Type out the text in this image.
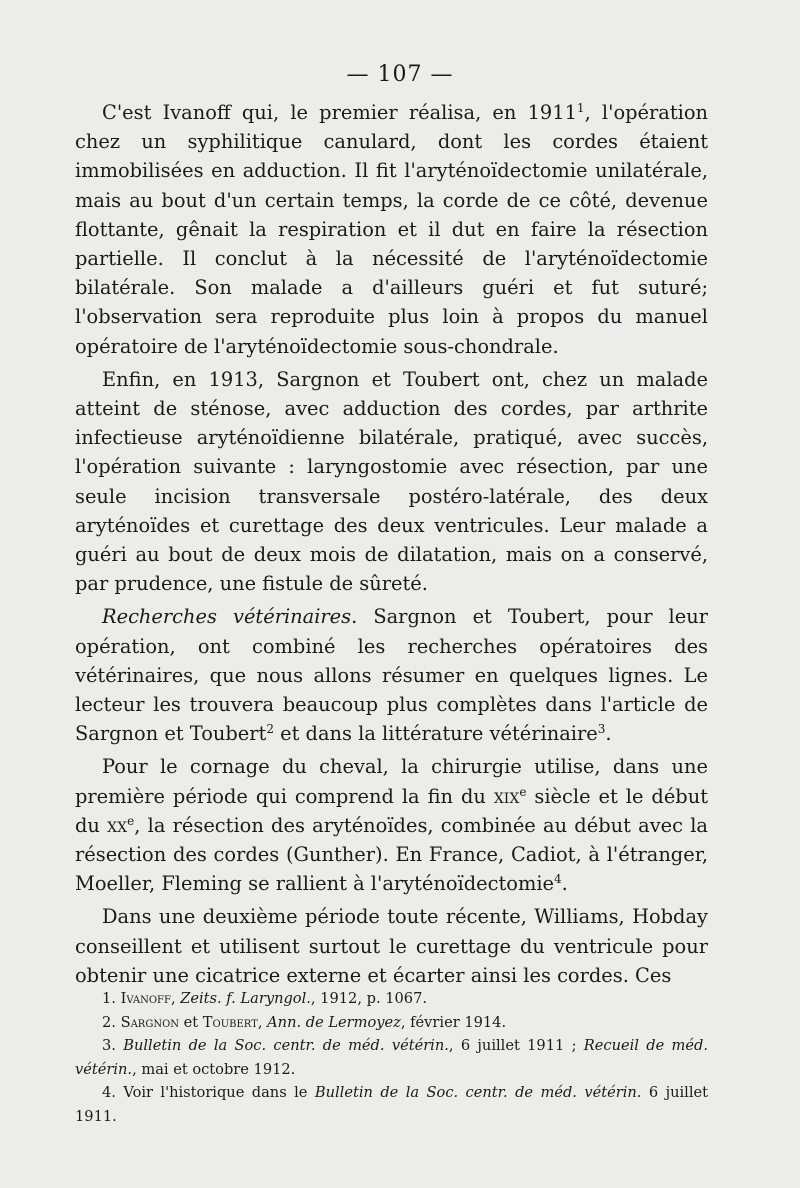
— 107 —

C'est Ivanoff qui, le premier réalisa, en 1911$^1$, l'opération chez un syphilitique canulard, dont les cordes étaient immobilisées en adduction. Il fit l'aryténoïdectomie unilatérale, mais au bout d'un certain temps, la corde de ce côté, devenue flottante, gênait la respiration et il dut en faire la résection partielle. Il conclut à la nécessité de l'aryténoïdectomie bilatérale. Son malade a d'ailleurs guéri et fut suturé; l'observation sera reproduite plus loin à propos du manuel opératoire de l'aryténoïdectomie sous-chondrale.

Enfin, en 1913, Sargnon et Toubert ont, chez un malade atteint de sténose, avec adduction des cordes, par arthrite infectieuse aryténoïdienne bilatérale, pratiqué, avec succès, l'opération suivante : laryngostomie avec résection, par une seule incision transversale postéro-latérale, des deux aryténoïdes et curettage des deux ventricules. Leur malade a guéri au bout de deux mois de dilatation, mais on a conservé, par prudence, une fistule de sûreté.

Recherches vétérinaires. Sargnon et Toubert, pour leur opération, ont combiné les recherches opératoires des vétérinaires, que nous allons résumer en quelques lignes. Le lecteur les trouvera beaucoup plus complètes dans l'article de Sargnon et Toubert$^2$ et dans la littérature vétérinaire$^3$.

Pour le cornage du cheval, la chirurgie utilise, dans une première période qui comprend la fin du xix$^e$ siècle et le début du $xx^e$, la résection des aryténoïdes, combinée au début avec la résection des cordes (Gunther). En France, Cadiot, à l'étranger, Moeller, Fleming se rallient à l'aryténoïdectomie$^4$.

Dans une deuxième période toute récente, Williams, Hobday conseillent et utilisent surtout le curettage du ventricule pour obtenir une cicatrice externe et écarter ainsi les cordes. Ces

1. Ivanoff, Zeits. f. Laryngol., 1912, p. 1067.

2. Sargnon et Toubert, Ann. de Lermoyez, février 1914.

3. Bulletin de la Soc. centr. de méd. vétérin., 6 juillet 1911 ; Recueil de méd. vétérin., mai et octobre 1912.

4. Voir l'historique dans le Bulletin de la Soc. centr. de méd. vétérin. 6 juillet 1911.
